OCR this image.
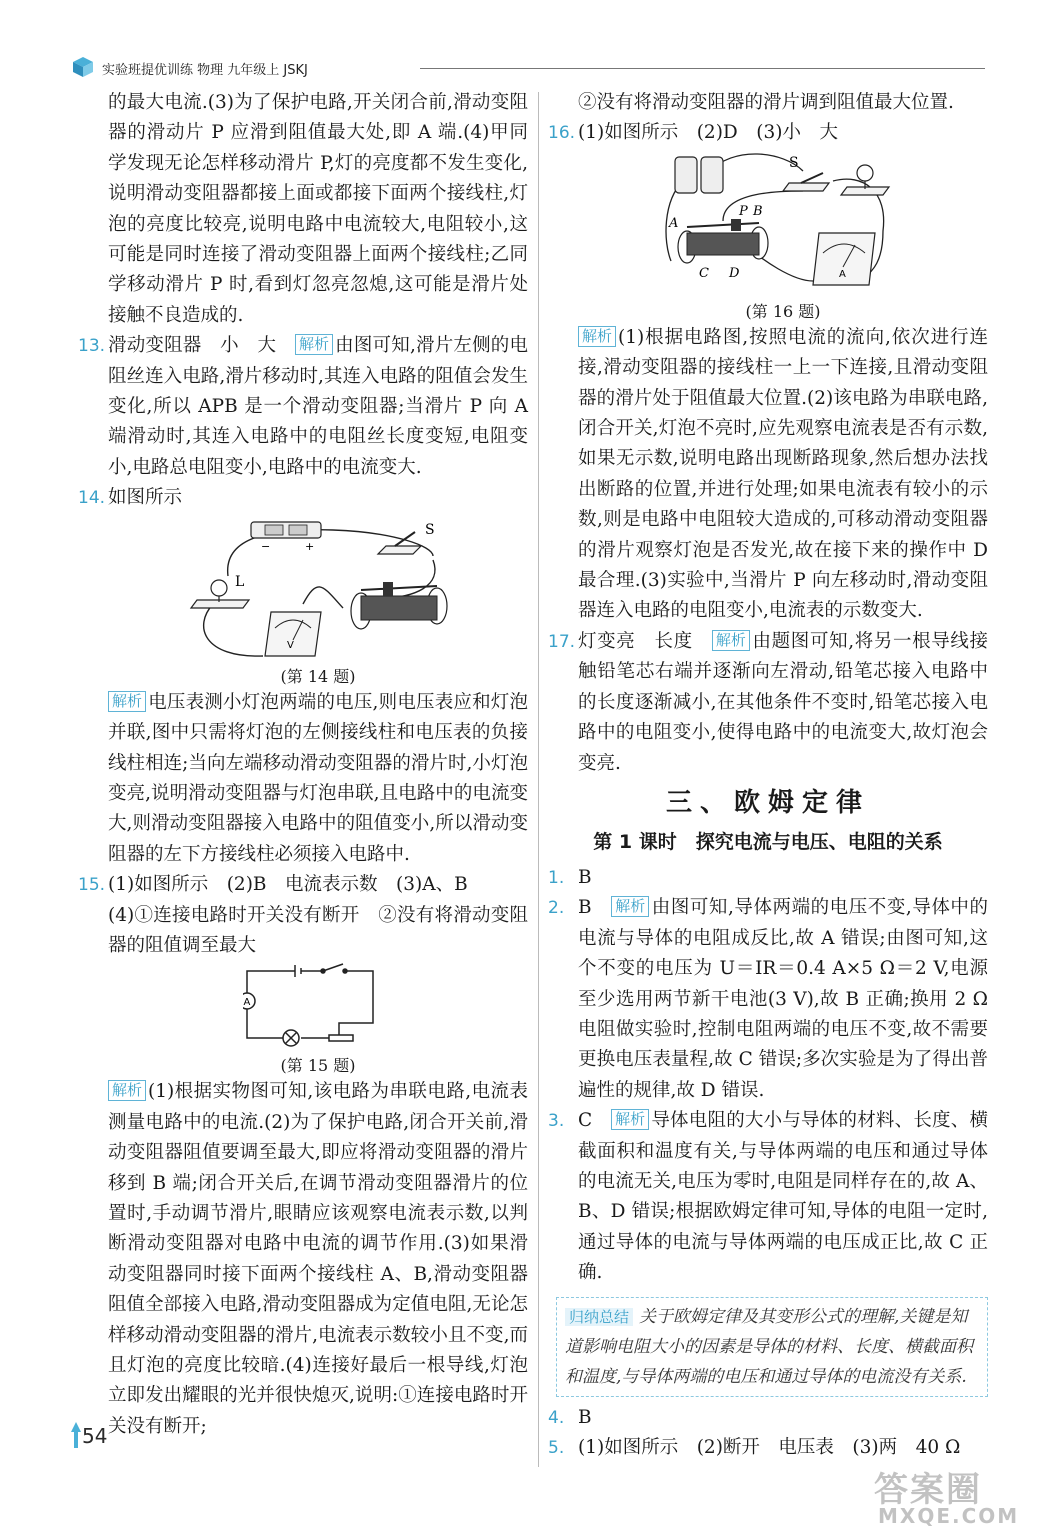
实验班提优训练 物理 九年级上 JSKJ

的最大电流.(3)为了保护电路,开关闭合前,滑动变阻器的滑动片 P 应滑到阻值最大处,即 A 端.(4)甲同学发现无论怎样移动滑片 P,灯的亮度都不发生变化,说明滑动变阻器都接上面或都接下面两个接线柱,灯泡的亮度比较亮,说明电路中电流较大,电阻较小,这可能是同时连接了滑动变阻器上面两个接线柱;乙同学移动滑片 P 时,看到灯忽亮忽熄,这可能是滑片处接触不良造成的.

13. 滑动变阻器　小　大　解析 由图可知,滑片左侧的电阻丝连入电路,滑片移动时,其连入电路的阻值会发生变化,所以 APB 是一个滑动变阻器;当滑片 P 向 A 端滑动时,其连入电路中的电阻丝长度变短,电阻变小,电路总电阻变小,电路中的电流变大.

14. 如图所示

−	+
S
L
V

(第 14 题)

解析 电压表测小灯泡两端的电压,则电压表应和灯泡并联,图中只需将灯泡的左侧接线柱和电压表的负接线柱相连;当向左端移动滑动变阻器的滑片时,小灯泡变亮,说明滑动变阻器与灯泡串联,且电路中的电流变大,则滑动变阻器接入电路中的阻值变小,所以滑动变阻器的左下方接线柱必须接入电路中.

15. (1)如图所示　(2)B　电流表示数　(3)A、B

(4)①连接电路时开关没有断开　②没有将滑动变阻器的阻值调至最大

A

(第 15 题)

解析 (1)根据实物图可知,该电路为串联电路,电流表测量电路中的电流.(2)为了保护电路,闭合开关前,滑动变阻器阻值要调至最大,即应将滑动变阻器的滑片移到 B 端;闭合开关后,在调节滑动变阻器滑片的位置时,手动调节滑片,眼睛应该观察电流表示数,以判断滑动变阻器对电路中电流的调节作用.(3)如果滑动变阻器同时接下面两个接线柱 A、B,滑动变阻器阻值全部接入电路,滑动变阻器成为定值电阻,无论怎样移动滑动变阻器的滑片,电流表示数较小且不变,而且灯泡的亮度比较暗.(4)连接好最后一根导线,灯泡立即发出耀眼的光并很快熄灭,说明:①连接电路时开关没有断开;

②没有将滑动变阻器的滑片调到阻值最大位置.

16. (1)如图所示　(2)D　(3)小　大

S
A
P B
C D	A

(第 16 题)

解析 (1)根据电路图,按照电流的流向,依次进行连接,滑动变阻器的接线柱一上一下连接,且滑动变阻器的滑片处于阻值最大位置.(2)该电路为串联电路,闭合开关,灯泡不亮时,应先观察电流表是否有示数,如果无示数,说明电路出现断路现象,然后想办法找出断路的位置,并进行处理;如果电流表有较小的示数,则是电路中电阻较大造成的,可移动滑动变阻器的滑片观察灯泡是否发光,故在接下来的操作中 D 最合理.(3)实验中,当滑片 P 向左移动时,滑动变阻器连入电路的电阻变小,电流表的示数变大.

17. 灯变亮　长度　解析 由题图可知,将另一根导线接触铅笔芯右端并逐渐向左滑动,铅笔芯接入电路中的长度逐渐减小,在其他条件不变时,铅笔芯接入电路中的电阻变小,使得电路中的电流变大,故灯泡会变亮.

三、欧姆定律
第 1 课时　探究电流与电压、电阻的关系
1. B

2. B　解析 由图可知,导体两端的电压不变,导体中的电流与导体的电阻成反比,故 A 错误;由图可知,这个不变的电压为 U＝IR＝0.4 A×5 Ω＝2 V,电源至少选用两节新干电池(3 V),故 B 正确;换用 2 Ω 电阻做实验时,控制电阻两端的电压不变,故不需要更换电压表量程,故 C 错误;多次实验是为了得出普遍性的规律,故 D 错误.

3. C　解析 导体电阻的大小与导体的材料、长度、横截面积和温度有关,与导体两端的电压和通过导体的电流无关,电压为零时,电阻是同样存在的,故 A、B、D 错误;根据欧姆定律可知,导体的电阻一定时,通过导体的电流与导体两端的电压成正比,故 C 正确.

归纳总结 关于欧姆定律及其变形公式的理解,关键是知道影响电阻大小的因素是导体的材料、长度、横截面积和温度,与导体两端的电压和通过导体的电流没有关系.
4. B

5. (1)如图所示　(2)断开　电压表　(3)两　40 Ω

54
答案圈
MXQE.COM
